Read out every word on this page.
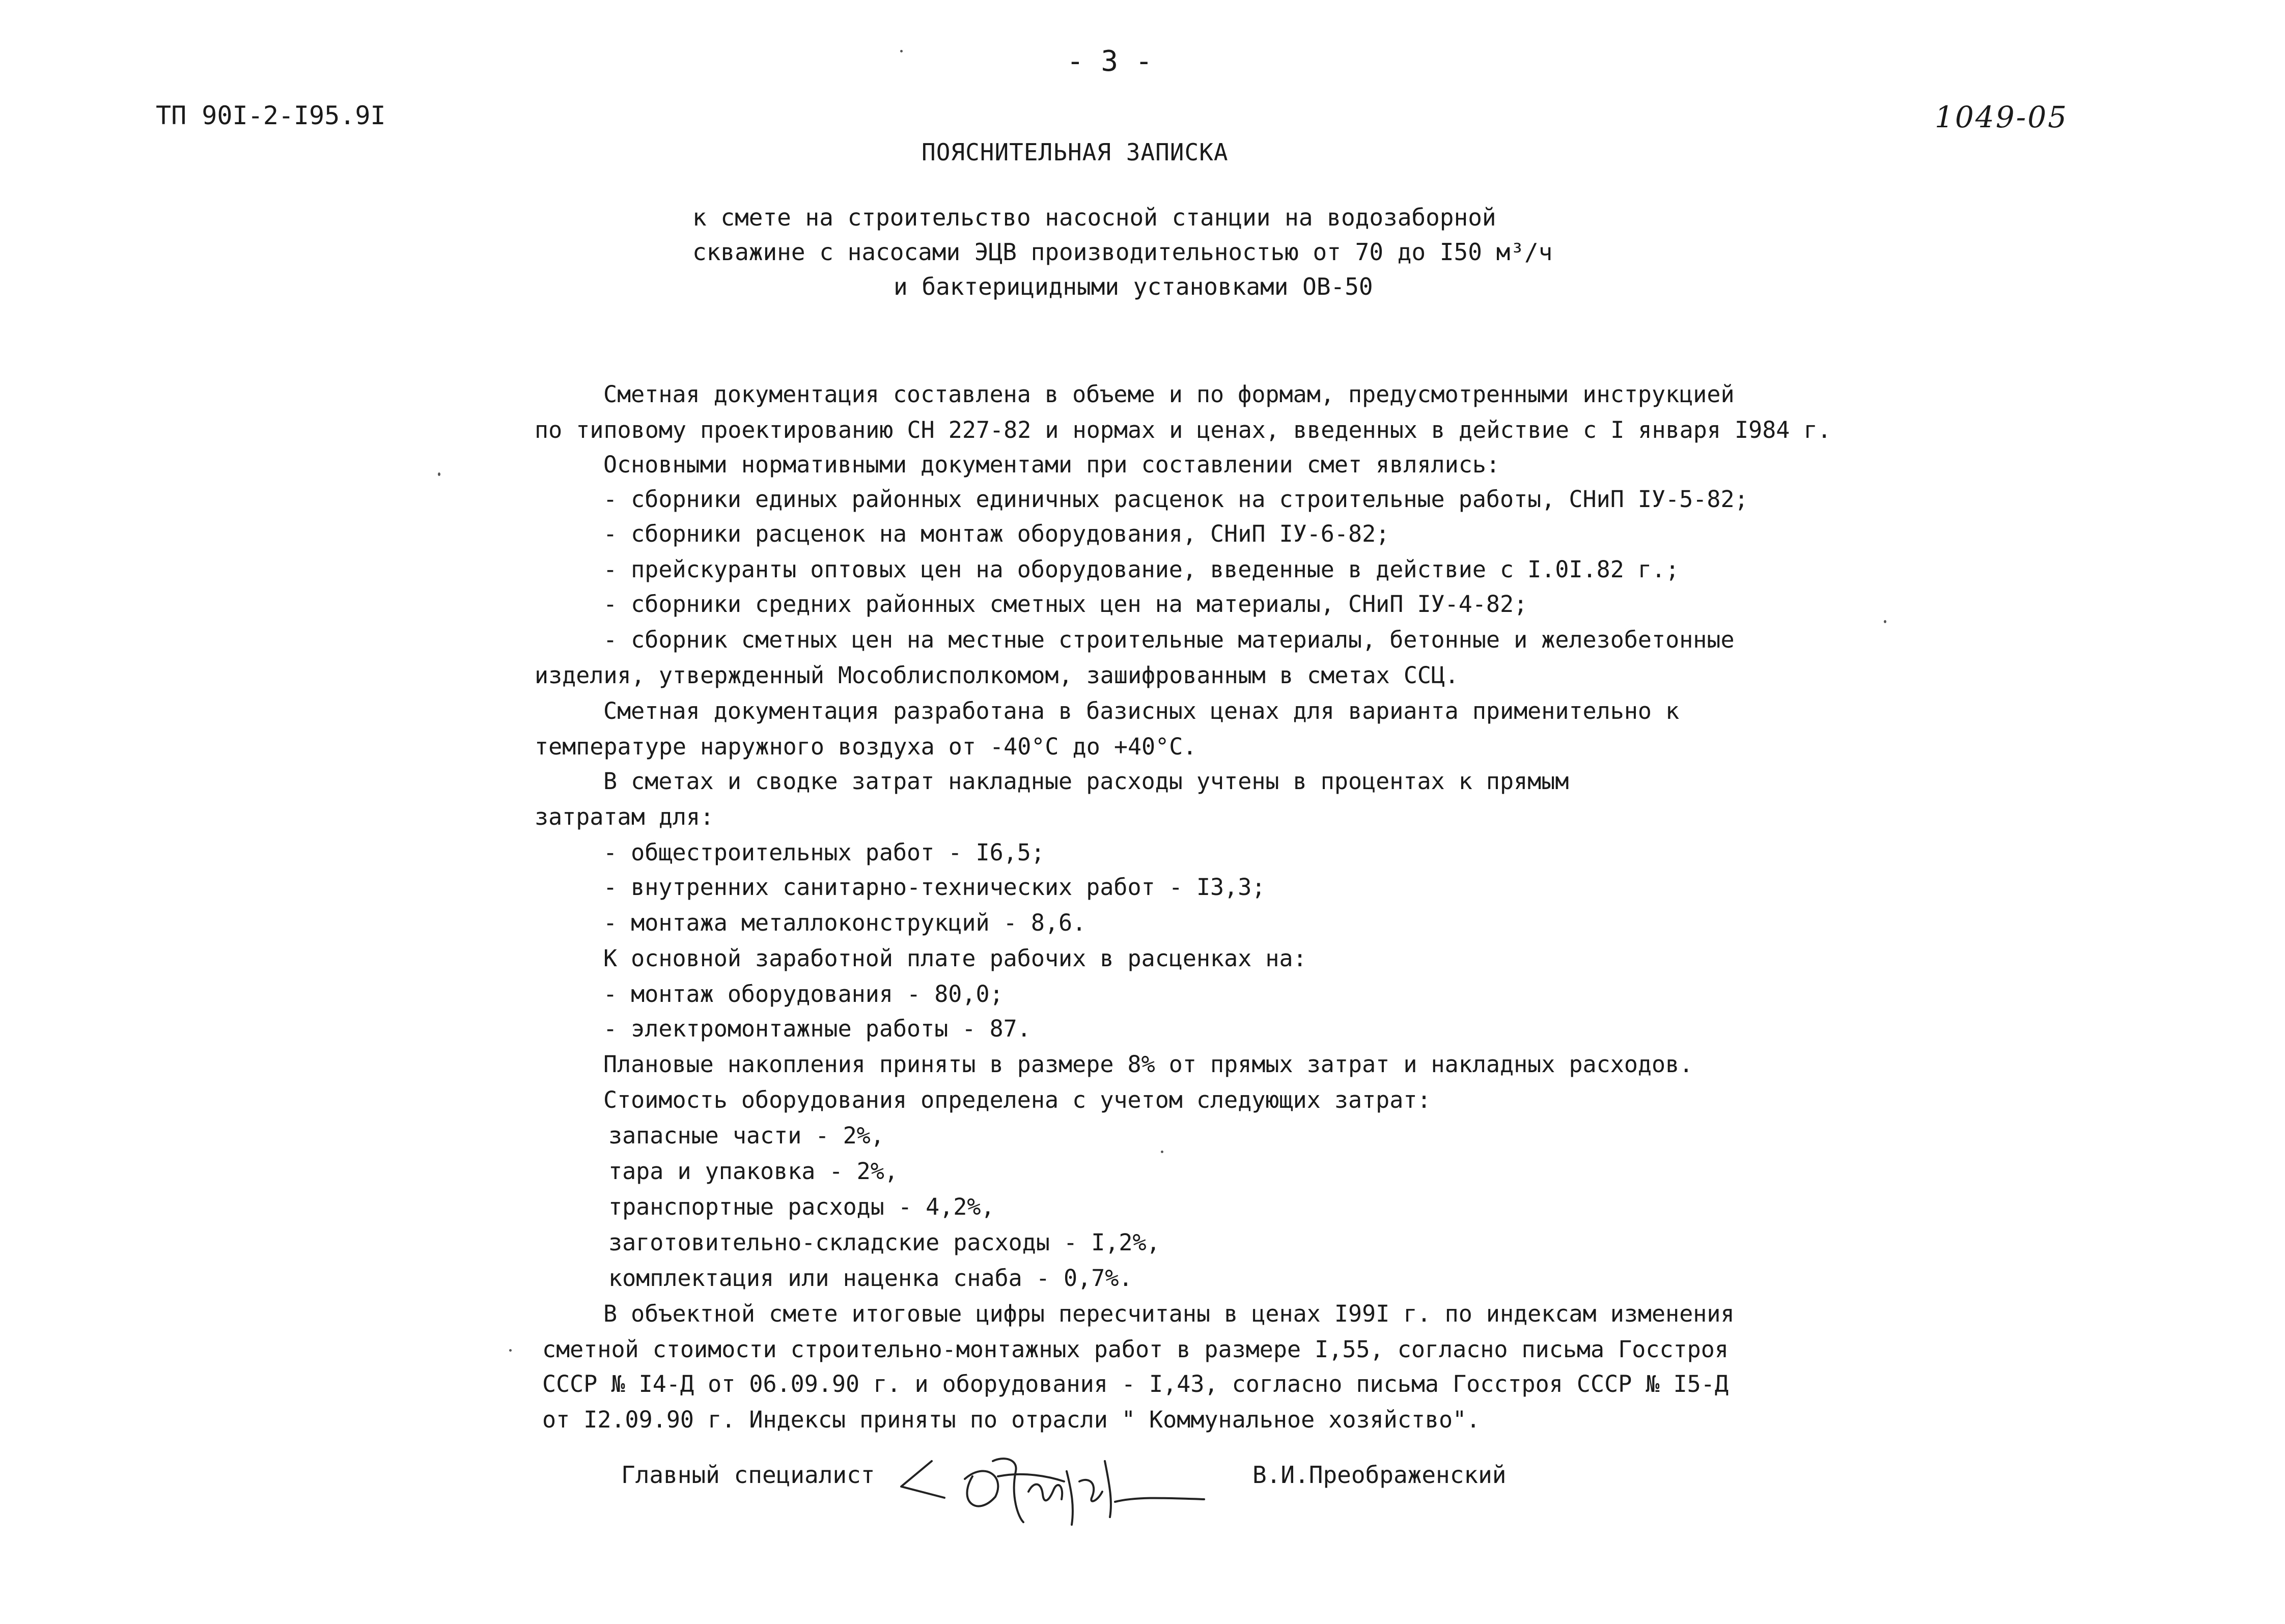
- 3 -
ТП 90I-2-I95.9I	1049-05
ПОЯСНИТЕЛЬНАЯ ЗАПИСКА
к смете на строительство насосной станции на водозаборной
скважине с насосами ЭЦВ производительностью от 70 до I50 м³/ч
и бактерицидными установками ОВ-50
Сметная документация составлена в объеме и по формам, предусмотренными инструкцией
по типовому проектированию СН 227-82 и нормах и ценах, введенных в действие с I января I984 г.
Основными нормативными документами при составлении смет являлись:
- сборники единых районных единичных расценок на строительные работы, СНиП IУ-5-82;
- сборники расценок на монтаж оборудования, СНиП IУ-6-82;
- прейскуранты оптовых цен на оборудование, введенные в действие с I.0I.82 г.;
- сборники средних районных сметных цен на материалы, СНиП IУ-4-82;
- сборник сметных цен на местные строительные материалы, бетонные и железобетонные
изделия, утвержденный Мособлисполкомом, зашифрованным в сметах ССЦ.
Сметная документация разработана в базисных ценах для варианта применительно к
температуре наружного воздуха от -40°С до +40°С.
В сметах и сводке затрат накладные расходы учтены в процентах к прямым
затратам для:
- общестроительных работ - I6,5;
- внутренних санитарно-технических работ - I3,3;
- монтажа металлоконструкций - 8,6.
К основной заработной плате рабочих в расценках на:
- монтаж оборудования - 80,0;
- электромонтажные работы - 87.
Плановые накопления приняты в размере 8% от прямых затрат и накладных расходов.
Стоимость оборудования определена с учетом следующих затрат:
запасные части - 2%,
тара и упаковка - 2%,
транспортные расходы - 4,2%,
заготовительно-складские расходы - I,2%,
комплектация или наценка снаба - 0,7%.
В объектной смете итоговые цифры пересчитаны в ценах I99I г. по индексам изменения
сметной стоимости строительно-монтажных работ в размере I,55, согласно письма Госстроя
СССР № I4-Д от 06.09.90 г. и оборудования - I,43, согласно письма Госстроя СССР № I5-Д
от I2.09.90 г. Индексы приняты по отрасли " Коммунальное хозяйство".
Главный специалист	В.И.Преображенский
